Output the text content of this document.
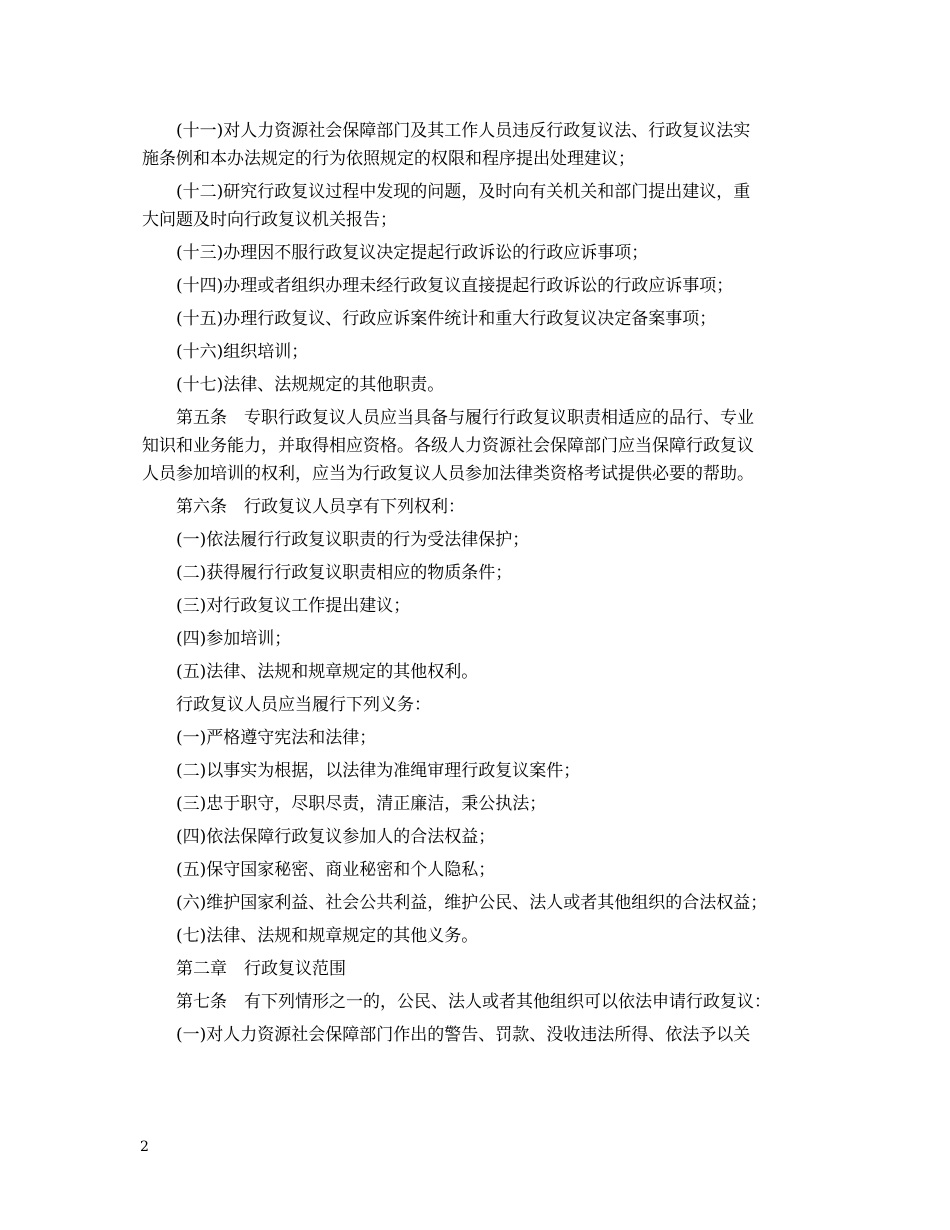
(十一)对人力资源社会保障部门及其工作人员违反行政复议法、行政复议法实
施条例和本办法规定的行为依照规定的权限和程序提出处理建议；

(十二)研究行政复议过程中发现的问题，及时向有关机关和部门提出建议，重
大问题及时向行政复议机关报告；

(十三)办理因不服行政复议决定提起行政诉讼的行政应诉事项；

(十四)办理或者组织办理未经行政复议直接提起行政诉讼的行政应诉事项；

(十五)办理行政复议、行政应诉案件统计和重大行政复议决定备案事项；

(十六)组织培训；

(十七)法律、法规规定的其他职责。

第五条　专职行政复议人员应当具备与履行行政复议职责相适应的品行、专业
知识和业务能力，并取得相应资格。各级人力资源社会保障部门应当保障行政复议
人员参加培训的权利，应当为行政复议人员参加法律类资格考试提供必要的帮助。

第六条　行政复议人员享有下列权利：

(一)依法履行行政复议职责的行为受法律保护；

(二)获得履行行政复议职责相应的物质条件；

(三)对行政复议工作提出建议；

(四)参加培训；

(五)法律、法规和规章规定的其他权利。

行政复议人员应当履行下列义务：

(一)严格遵守宪法和法律；

(二)以事实为根据，以法律为准绳审理行政复议案件；

(三)忠于职守，尽职尽责，清正廉洁，秉公执法；

(四)依法保障行政复议参加人的合法权益；

(五)保守国家秘密、商业秘密和个人隐私；

(六)维护国家利益、社会公共利益，维护公民、法人或者其他组织的合法权益；

(七)法律、法规和规章规定的其他义务。

第二章　行政复议范围

第七条　有下列情形之一的，公民、法人或者其他组织可以依法申请行政复议：

(一)对人力资源社会保障部门作出的警告、罚款、没收违法所得、依法予以关

2
